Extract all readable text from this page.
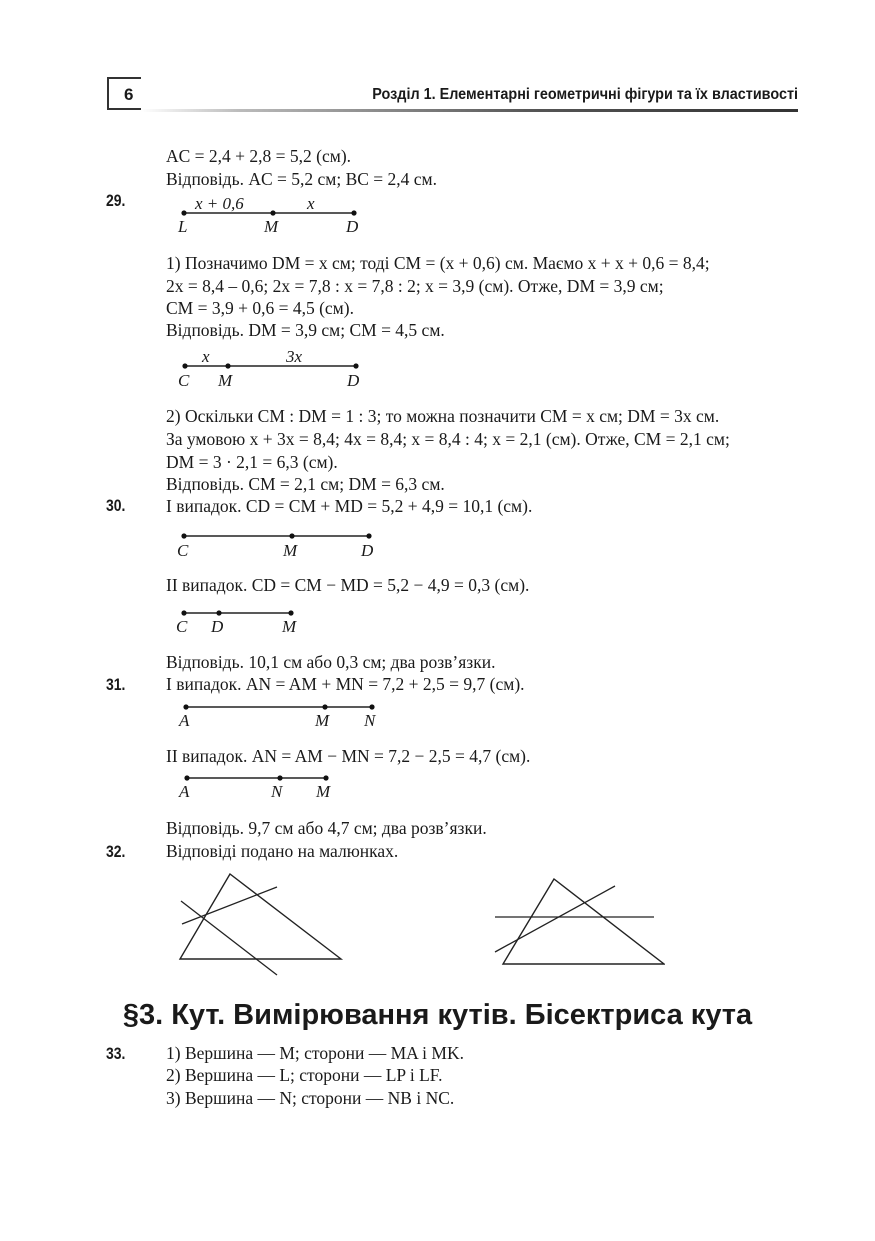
6	Розділ 1. Елементарні геометричні фігури та їх властивості
AC = 2,4 + 2,8 = 5,2 (см).
Відповідь. AC = 5,2 см; BC = 2,4 см.
29.	x + 0,6	x
L	M	D
1) Позначимо DM = x см; тоді CM = (x + 0,6) см. Маємо x + x + 0,6 = 8,4;
2x = 8,4 – 0,6; 2x = 7,8 : x = 7,8 : 2; x = 3,9 (см). Отже, DM = 3,9 см;
CM = 3,9 + 0,6 = 4,5 (см).
Відповідь. DM = 3,9 см; CM = 4,5 см.
x	3x
C M	D
2) Оскільки CM : DM = 1 : 3; то можна позначити CM = x см; DM = 3x см.
За умовою x + 3x = 8,4; 4x = 8,4; x = 8,4 : 4; x = 2,1 (см). Отже, CM = 2,1 см;
DM = 3 · 2,1 = 6,3 (см).
Відповідь. CM = 2,1 см; DM = 6,3 см.
30. I випадок. CD = CM + MD = 5,2 + 4,9 = 10,1 (см).
C	M	D
II випадок. CD = CM − MD = 5,2 − 4,9 = 0,3 (см).
C D	M
Відповідь. 10,1 см або 0,3 см; два розв’язки.
31. I випадок. AN = AM + MN = 7,2 + 2,5 = 9,7 (см).
A	M N
II випадок. AN = AM − MN = 7,2 − 2,5 = 4,7 (см).
A	N M
Відповідь. 9,7 см або 4,7 см; два розв’язки.
32. Відповіді подано на малюнках.
§3. Кут. Вимірювання кутів. Бісектриса кута
33. 1) Вершина — M; сторони — MA і MK.
2) Вершина — L; сторони — LP і LF.
3) Вершина — N; сторони — NB і NC.
